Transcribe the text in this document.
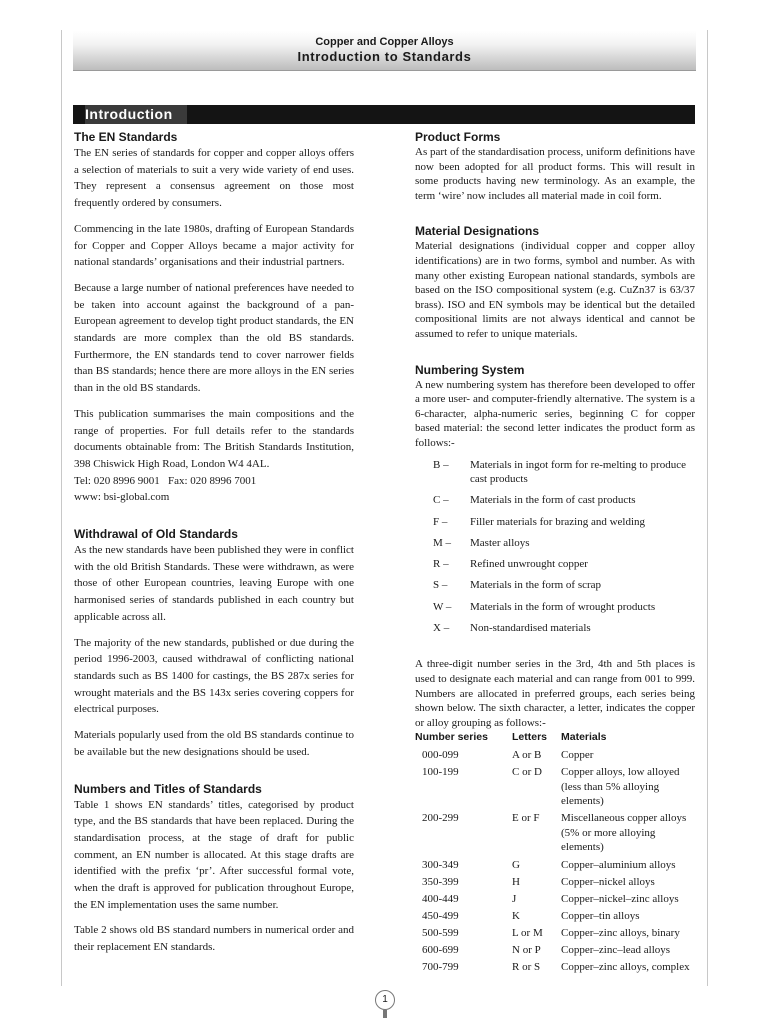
Copper and Copper Alloys
Introduction to Standards
Introduction
The EN Standards

The EN series of standards for copper and copper alloys offers a selection of materials to suit a very wide variety of end uses. They represent a consensus agreement on those most frequently ordered by consumers.

Commencing in the late 1980s, drafting of European Standards for Copper and Copper Alloys became a major activity for national standards’ organisations and their industrial partners.

Because a large number of national preferences have needed to be taken into account against the background of a pan-European agreement to develop tight product standards, the EN standards are more complex than the old BS standards. Furthermore, the EN standards tend to cover narrower fields than BS standards; hence there are more alloys in the EN series than in the old BS standards.

This publication summarises the main compositions and the range of properties. For full details refer to the standards documents obtainable from: The British Standards Institution, 398 Chiswick High Road, London W4 4AL.

Tel: 020 8996 9001   Fax: 020 8996 7001

www: bsi-global.com

Withdrawal of Old Standards

As the new standards have been published they were in conflict with the old British Standards. These were withdrawn, as were those of other European countries, leaving Europe with one harmonised series of standards published in each country but applicable across all.

The majority of the new standards, published or due during the period 1996-2003, caused withdrawal of conflicting national standards such as BS 1400 for castings, the BS 287x series for wrought materials and the BS 143x series covering coppers for electrical purposes.

Materials popularly used from the old BS standards continue to be available but the new designations should be used.

Numbers and Titles of Standards

Table 1 shows EN standards’ titles, categorised by product type, and the BS standards that have been replaced. During the standardisation process, at the stage of draft for public comment, an EN number is allocated. At this stage drafts are identified with the prefix ‘pr’. After successful formal vote, when the draft is approved for publication throughout Europe, the EN implementation uses the same number.

Table 2 shows old BS standard numbers in numerical order and their replacement EN standards.

Product Forms

As part of the standardisation process, uniform definitions have now been adopted for all product forms. This will result in some products having new terminology. As an example, the term ‘wire’ now includes all material made in coil form.

Material Designations

Material designations (individual copper and copper alloy identifications) are in two forms, symbol and number. As with many other existing European national standards, symbols are based on the ISO compositional system (e.g. CuZn37 is 63/37 brass). ISO and EN symbols may be identical but the detailed compositional limits are not always identical and cannot be assumed to refer to unique materials.

Numbering System

A new numbering system has therefore been developed to offer a more user- and computer-friendly alternative. The system is a 6-character, alpha-numeric series, beginning C for copper based material: the second letter indicates the product form as follows:-

B –	Materials in ingot form for re-melting to produce cast products
C –	Materials in the form of cast products
F –	Filler materials for brazing and welding
M –	Master alloys
R –	Refined unwrought copper
S –	Materials in the form of scrap
W –	Materials in the form of wrought products
X –	Non-standardised materials

A three-digit number series in the 3rd, 4th and 5th places is used to designate each material and can range from 001 to 999. Numbers are allocated in preferred groups, each series being shown below. The sixth character, a letter, indicates the copper or alloy grouping as follows:-

Number series	Letters	Materials
000-099	A or B	Copper
100-199	C or D	Copper alloys, low alloyed (less than 5% alloying elements)
200-299	E or F	Miscellaneous copper alloys (5% or more alloying elements)
300-349	G	Copper–aluminium alloys
350-399	H	Copper–nickel alloys
400-449	J	Copper–nickel–zinc alloys
450-499	K	Copper–tin alloys
500-599	L or M	Copper–zinc alloys, binary
600-699	N or P	Copper–zinc–lead alloys
700-799	R or S	Copper–zinc alloys, complex
1
